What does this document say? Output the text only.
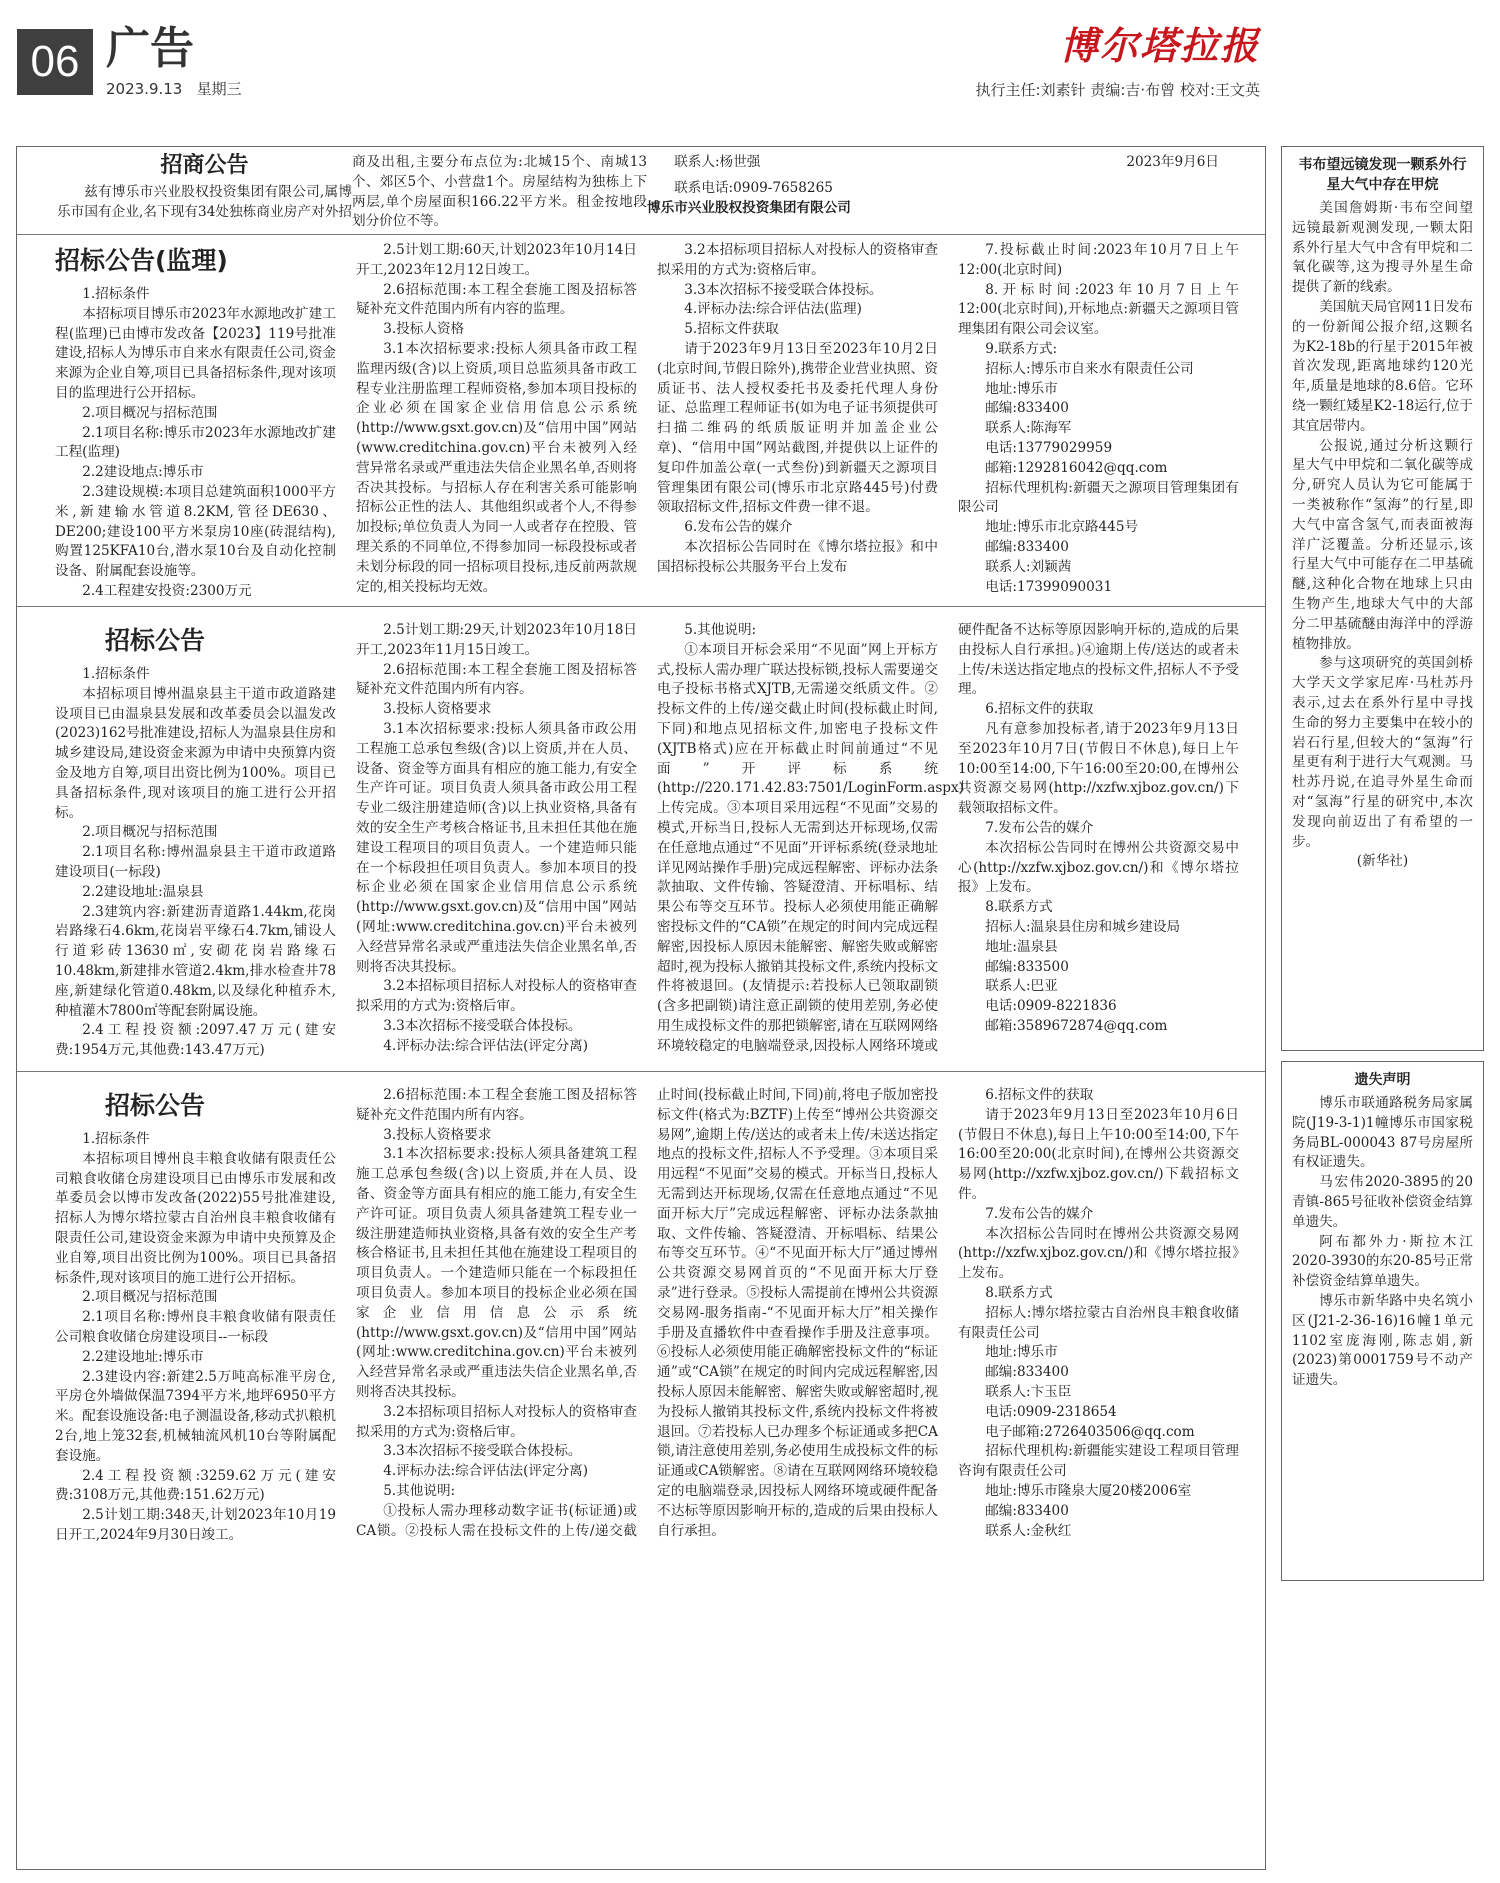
06 广告
2023.9.13 星期三
博尔塔拉报
执行主任:刘素针 责编:吉·布曾 校对:王文英

招商公告

兹有博乐市兴业股权投资集团有限公司,属博乐市国有企业,名下现有34处独栋商业房产对外招商及出租,主要分布点位为:北城15个、南城13个、郊区5个、小营盘1个。房屋结构为独栋上下两层,单个房屋面积166.22平方米。租金按地段划分价位不等。

联系人:杨世强

联系电话:0909-7658265

博乐市兴业股权投资集团有限公司

2023年9月6日

招标公告(监理)

1.招标条件

本招标项目博乐市2023年水源地改扩建工程(监理)已由博市发改备【2023】119号批准建设,招标人为博乐市自来水有限责任公司,资金来源为企业自筹,项目已具备招标条件,现对该项目的监理进行公开招标。

2.项目概况与招标范围

2.1项目名称:博乐市2023年水源地改扩建工程(监理)

2.2建设地点:博乐市

2.3建设规模:本项目总建筑面积1000平方米,新建输水管道8.2KM,管径DE630、DE200;建设100平方米泵房10座(砖混结构),购置125KFA10台,潜水泵10台及自动化控制设备、附属配套设施等。

2.4工程建安投资:2300万元

2.5计划工期:60天,计划2023年10月14日开工,2023年12月12日竣工。

2.6招标范围:本工程全套施工图及招标答疑补充文件范围内所有内容的监理。

3.投标人资格

3.1本次招标要求:投标人须具备市政工程监理丙级(含)以上资质,项目总监须具备市政工程专业注册监理工程师资格,参加本项目投标的企业必须在国家企业信用信息公示系统(http://www.gsxt.gov.cn)及“信用中国”网站(www.creditchina.gov.cn)平台未被列入经营异常名录或严重违法失信企业黑名单,否则将否决其投标。与招标人存在利害关系可能影响招标公正性的法人、其他组织或者个人,不得参加投标;单位负责人为同一人或者存在控股、管理关系的不同单位,不得参加同一标段投标或者未划分标段的同一招标项目投标,违反前两款规定的,相关投标均无效。

3.2本招标项目招标人对投标人的资格审查拟采用的方式为:资格后审。

3.3本次招标不接受联合体投标。

4.评标办法:综合评估法(监理)

5.招标文件获取

请于2023年9月13日至2023年10月2日(北京时间,节假日除外),携带企业营业执照、资质证书、法人授权委托书及委托代理人身份证、总监理工程师证书(如为电子证书须提供可扫描二维码的纸质版证明并加盖企业公章)、“信用中国”网站截图,并提供以上证件的复印件加盖公章(一式叁份)到新疆天之源项目管理集团有限公司(博乐市北京路445号)付费领取招标文件,招标文件费一律不退。

6.发布公告的媒介

本次招标公告同时在《博尔塔拉报》和中国招标投标公共服务平台上发布

7.投标截止时间:2023年10月7日上午12:00(北京时间)

8.开标时间:2023年10月7日上午12:00(北京时间),开标地点:新疆天之源项目管理集团有限公司会议室。

9.联系方式:

招标人:博乐市自来水有限责任公司

地址:博乐市

邮编:833400

联系人:陈海军

电话:13779029959

邮箱:1292816042@qq.com

招标代理机构:新疆天之源项目管理集团有限公司

地址:博乐市北京路445号

邮编:833400

联系人:刘颖茜

电话:17399090031

招标公告

1.招标条件

本招标项目博州温泉县主干道市政道路建设项目已由温泉县发展和改革委员会以温发改(2023)162号批准建设,招标人为温泉县住房和城乡建设局,建设资金来源为申请中央预算内资金及地方自筹,项目出资比例为100%。项目已具备招标条件,现对该项目的施工进行公开招标。

2.项目概况与招标范围

2.1项目名称:博州温泉县主干道市政道路建设项目(一标段)

2.2建设地址:温泉县

2.3建筑内容:新建沥青道路1.44km,花岗岩路缘石4.6km,花岗岩平缘石4.7km,铺设人行道彩砖13630㎡,安砌花岗岩路缘石10.48km,新建排水管道2.4km,排水检查井78座,新建绿化管道0.48km,以及绿化种植乔木,种植灌木7800㎡等配套附属设施。

2.4工程投资额:2097.47万元(建安费:1954万元,其他费:143.47万元)

2.5计划工期:29天,计划2023年10月18日开工,2023年11月15日竣工。

2.6招标范围:本工程全套施工图及招标答疑补充文件范围内所有内容。

3.投标人资格要求

3.1本次招标要求:投标人须具备市政公用工程施工总承包叁级(含)以上资质,并在人员、设备、资金等方面具有相应的施工能力,有安全生产许可证。项目负责人须具备市政公用工程专业二级注册建造师(含)以上执业资格,具备有效的安全生产考核合格证书,且未担任其他在施建设工程项目的项目负责人。一个建造师只能在一个标段担任项目负责人。参加本项目的投标企业必须在国家企业信用信息公示系统(http://www.gsxt.gov.cn)及“信用中国”网站(网址:www.creditchina.gov.cn)平台未被列入经营异常名录或严重违法失信企业黑名单,否则将否决其投标。

3.2本招标项目招标人对投标人的资格审查拟采用的方式为:资格后审。

3.3本次招标不接受联合体投标。

4.评标办法:综合评估法(评定分离)

5.其他说明:

①本项目开标会采用“不见面”网上开标方式,投标人需办理广联达投标锁,投标人需要递交电子投标书格式XJTB,无需递交纸质文件。②投标文件的上传/递交截止时间(投标截止时间,下同)和地点见招标文件,加密电子投标文件(XJTB格式)应在开标截止时间前通过“不见面”开评标系统(http://220.171.42.83:7501/LoginForm.aspx)上传完成。③本项目采用远程“不见面”交易的模式,开标当日,投标人无需到达开标现场,仅需在任意地点通过“不见面”开评标系统(登录地址详见网站操作手册)完成远程解密、评标办法条款抽取、文件传输、答疑澄清、开标唱标、结果公布等交互环节。投标人必须使用能正确解密投标文件的“CA锁”在规定的时间内完成远程解密,因投标人原因未能解密、解密失败或解密超时,视为投标人撤销其投标文件,系统内投标文件将被退回。(友情提示:若投标人已领取副锁(含多把副锁)请注意正副锁的使用差别,务必使用生成投标文件的那把锁解密,请在互联网网络环境较稳定的电脑端登录,因投标人网络环境或硬件配备不达标等原因影响开标的,造成的后果由投标人自行承担。)④逾期上传/送达的或者未上传/未送达指定地点的投标文件,招标人不予受理。

6.招标文件的获取

凡有意参加投标者,请于2023年9月13日至2023年10月7日(节假日不休息),每日上午10:00至14:00,下午16:00至20:00,在博州公共资源交易网(http://xzfw.xjboz.gov.cn/)下载领取招标文件。

7.发布公告的媒介

本次招标公告同时在博州公共资源交易中心(http://xzfw.xjboz.gov.cn/)和《博尔塔拉报》上发布。

8.联系方式

招标人:温泉县住房和城乡建设局

地址:温泉县

邮编:833500

联系人:巴亚

电话:0909-8221836

邮箱:3589672874@qq.com

招标公告

1.招标条件

本招标项目博州良丰粮食收储有限责任公司粮食收储仓房建设项目已由博乐市发展和改革委员会以博市发改备(2022)55号批准建设,招标人为博尔塔拉蒙古自治州良丰粮食收储有限责任公司,建设资金来源为申请中央预算及企业自筹,项目出资比例为100%。项目已具备招标条件,现对该项目的施工进行公开招标。

2.项目概况与招标范围

2.1项目名称:博州良丰粮食收储有限责任公司粮食收储仓房建设项目--一标段

2.2建设地址:博乐市

2.3建设内容:新建2.5万吨高标准平房仓,平房仓外墙做保温7394平方米,地坪6950平方米。配套设施设备:电子测温设备,移动式扒粮机2台,地上笼32套,机械轴流风机10台等附属配套设施。

2.4工程投资额:3259.62万元(建安费:3108万元,其他费:151.62万元)

2.5计划工期:348天,计划2023年10月19日开工,2024年9月30日竣工。

2.6招标范围:本工程全套施工图及招标答疑补充文件范围内所有内容。

3.投标人资格要求

3.1本次招标要求:投标人须具备建筑工程施工总承包叁级(含)以上资质,并在人员、设备、资金等方面具有相应的施工能力,有安全生产许可证。项目负责人须具备建筑工程专业一级注册建造师执业资格,具备有效的安全生产考核合格证书,且未担任其他在施建设工程项目的项目负责人。一个建造师只能在一个标段担任项目负责人。参加本项目的投标企业必须在国家企业信用信息公示系统(http://www.gsxt.gov.cn)及“信用中国”网站(网址:www.creditchina.gov.cn)平台未被列入经营异常名录或严重违法失信企业黑名单,否则将否决其投标。

3.2本招标项目招标人对投标人的资格审查拟采用的方式为:资格后审。

3.3本次招标不接受联合体投标。

4.评标办法:综合评估法(评定分离)

5.其他说明:

①投标人需办理移动数字证书(标证通)或CA锁。②投标人需在投标文件的上传/递交截止时间(投标截止时间,下同)前,将电子版加密投标文件(格式为:BZTF)上传至“博州公共资源交易网”,逾期上传/送达的或者未上传/未送达指定地点的投标文件,招标人不予受理。③本项目采用远程“不见面”交易的模式。开标当日,投标人无需到达开标现场,仅需在任意地点通过“不见面开标大厅”完成远程解密、评标办法条款抽取、文件传输、答疑澄清、开标唱标、结果公布等交互环节。④“不见面开标大厅”通过博州公共资源交易网首页的“不见面开标大厅登录”进行登录。⑤投标人需提前在博州公共资源交易网-服务指南-“不见面开标大厅”相关操作手册及直播软件中查看操作手册及注意事项。⑥投标人必须使用能正确解密投标文件的“标证通”或“CA锁”在规定的时间内完成远程解密,因投标人原因未能解密、解密失败或解密超时,视为投标人撤销其投标文件,系统内投标文件将被退回。⑦若投标人已办理多个标证通或多把CA锁,请注意使用差别,务必使用生成投标文件的标证通或CA锁解密。⑧请在互联网网络环境较稳定的电脑端登录,因投标人网络环境或硬件配备不达标等原因影响开标的,造成的后果由投标人自行承担。

6.招标文件的获取

请于2023年9月13日至2023年10月6日(节假日不休息),每日上午10:00至14:00,下午16:00至20:00(北京时间),在博州公共资源交易网(http://xzfw.xjboz.gov.cn/)下载招标文件。

7.发布公告的媒介

本次招标公告同时在博州公共资源交易网(http://xzfw.xjboz.gov.cn/)和《博尔塔拉报》上发布。

8.联系方式

招标人:博尔塔拉蒙古自治州良丰粮食收储有限责任公司

地址:博乐市

邮编:833400

联系人:卞玉臣

电话:0909-2318654

电子邮箱:2726403506@qq.com

招标代理机构:新疆能实建设工程项目管理咨询有限责任公司

地址:博乐市隆泉大厦20楼2006室

邮编:833400

联系人:金秋红

韦布望远镜发现一颗系外行星大气中存在甲烷

美国詹姆斯·韦布空间望远镜最新观测发现,一颗太阳系外行星大气中含有甲烷和二氧化碳等,这为搜寻外星生命提供了新的线索。

美国航天局官网11日发布的一份新闻公报介绍,这颗名为K2-18b的行星于2015年被首次发现,距离地球约120光年,质量是地球的8.6倍。它环绕一颗红矮星K2-18运行,位于其宜居带内。

公报说,通过分析这颗行星大气中甲烷和二氧化碳等成分,研究人员认为它可能属于一类被称作“氢海”的行星,即大气中富含氢气,而表面被海洋广泛覆盖。分析还显示,该行星大气中可能存在二甲基硫醚,这种化合物在地球上只由生物产生,地球大气中的大部分二甲基硫醚由海洋中的浮游植物排放。

参与这项研究的英国剑桥大学天文学家尼库·马杜苏丹表示,过去在系外行星中寻找生命的努力主要集中在较小的岩石行星,但较大的“氢海”行星更有利于进行大气观测。马杜苏丹说,在追寻外星生命而对“氢海”行星的研究中,本次发现向前迈出了有希望的一步。

(新华社)

遗失声明

博乐市联通路税务局家属院(J19-3-1)1幢博乐市国家税务局BL-000043 87号房屋所有权证遗失。

马宏伟2020-3895的20青镇-865号征收补偿资金结算单遗失。

阿布都外力·斯拉木江2020-3930的东20-85号正常补偿资金结算单遗失。

博乐市新华路中央名筑小区(J21-2-36-16)16幢1单元1102室庞海刚,陈志娟,新(2023)第0001759号不动产证遗失。
